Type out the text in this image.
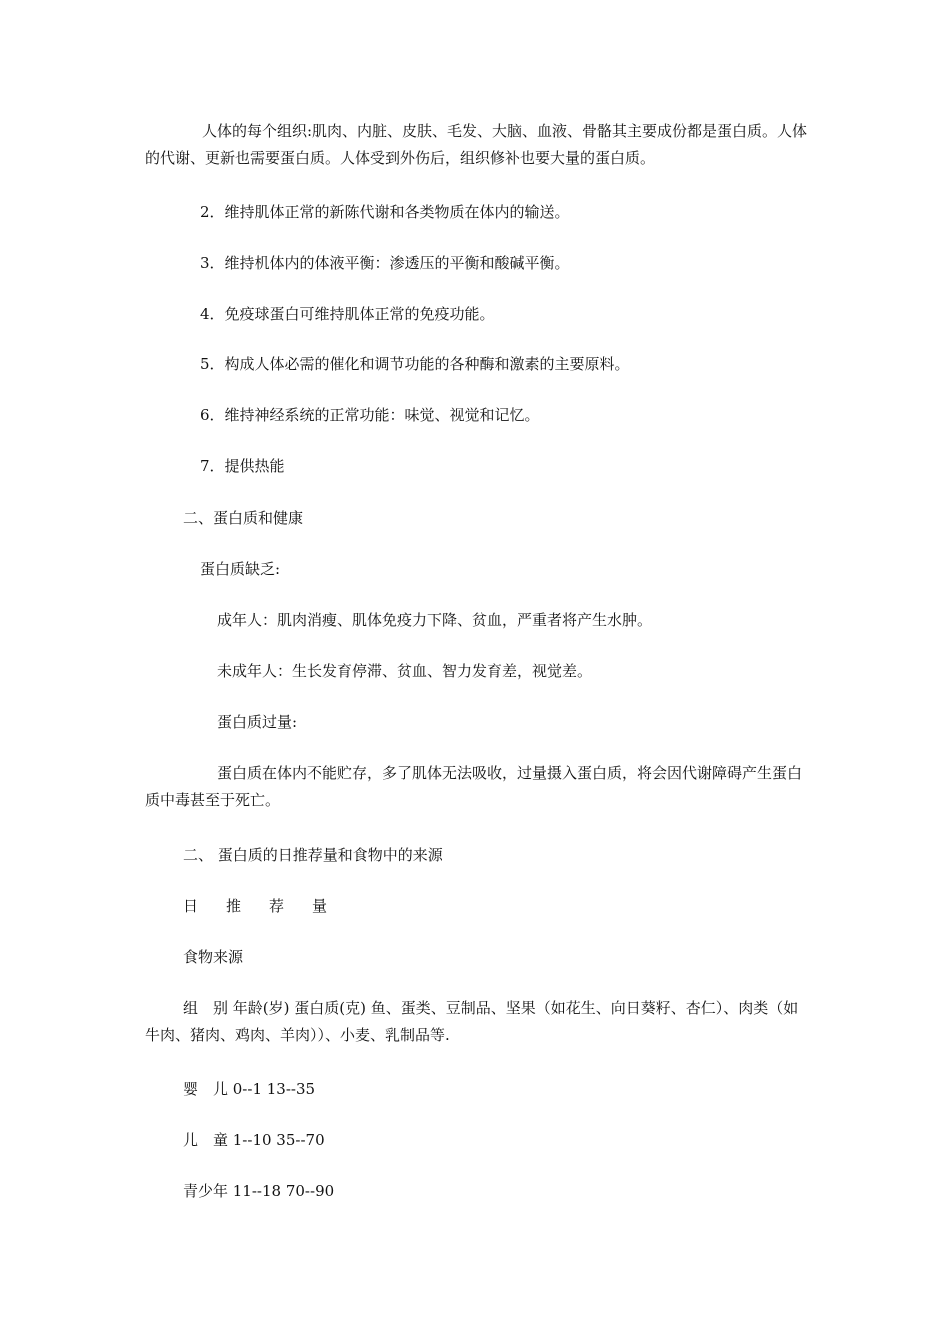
人体的每个组织:肌肉、内脏、皮肤、毛发、大脑、血液、骨骼其主要成份都是蛋白质。人体的代谢、更新也需要蛋白质。人体受到外伤后，组织修补也要大量的蛋白质。

2．维持肌体正常的新陈代谢和各类物质在体内的输送。

3．维持机体内的体液平衡：渗透压的平衡和酸碱平衡。

4．免疫球蛋白可维持肌体正常的免疫功能。

5．构成人体必需的催化和调节功能的各种酶和激素的主要原料。

6．维持神经系统的正常功能：味觉、视觉和记忆。

7．提供热能

二、蛋白质和健康

蛋白质缺乏:

成年人：肌肉消瘦、肌体免疫力下降、贫血，严重者将产生水肿。

未成年人：生长发育停滞、贫血、智力发育差，视觉差。

蛋白质过量:

蛋白质在体内不能贮存，多了肌体无法吸收，过量摄入蛋白质，将会因代谢障碍产生蛋白质中毒甚至于死亡。

二、 蛋白质的日推荐量和食物中的来源

日 推 荐 量

食物来源

组　别 年龄(岁) 蛋白质(克) 鱼、蛋类、豆制品、坚果（如花生、向日葵籽、杏仁）、肉类（如牛肉、猪肉、鸡肉、羊肉））、小麦、乳制品等.

婴　儿 0--1 13--35

儿　童 1--10 35--70

青少年 11--18 70--90
